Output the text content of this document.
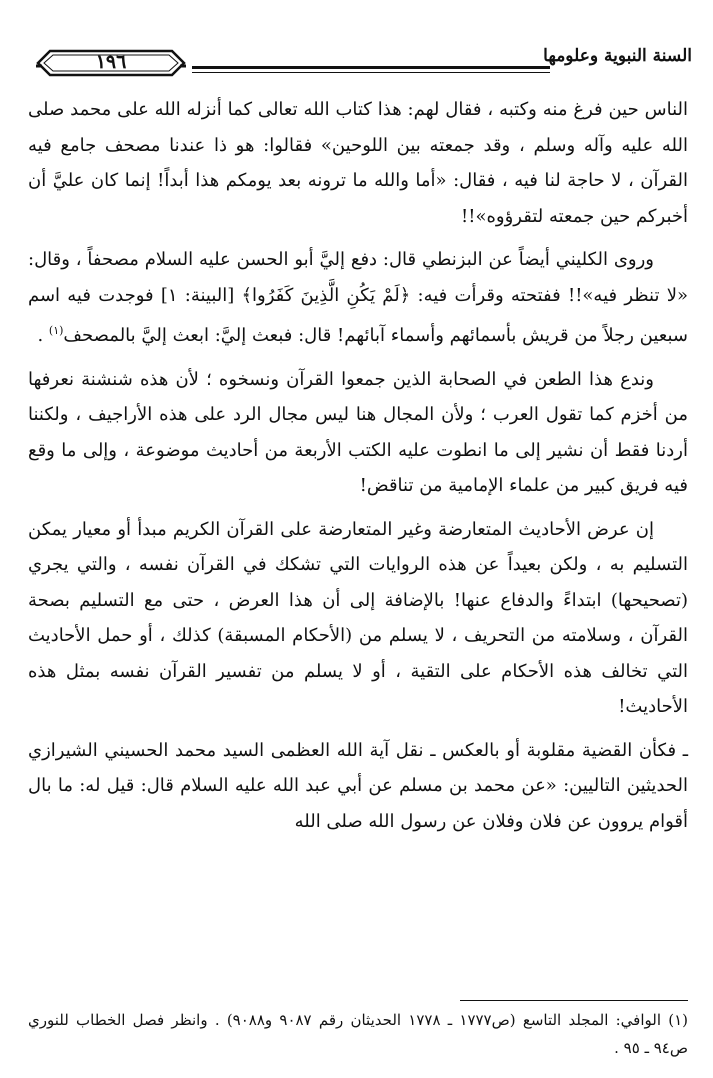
السنة النبوية وعلومها
١٩٦

الناس حين فرغ منه وكتبه ، فقال لهم: هذا كتاب الله تعالى كما أنزله الله على محمد صلى الله عليه وآله وسلم ، وقد جمعته بين اللوحين» فقالوا: هو ذا عندنا مصحف جامع فيه القرآن ، لا حاجة لنا فيه ، فقال: «أما والله ما ترونه بعد يومكم هذا أبداً! إنما كان عليَّ أن أخبركم حين جمعته لتقرؤوه»!!

وروى الكليني أيضاً عن البزنطي قال: دفع إليَّ أبو الحسن عليه السلام مصحفاً ، وقال: «لا تنظر فيه»!! ففتحته وقرأت فيه: ﴿لَمْ يَكُنِ الَّذِينَ كَفَرُوا﴾ [البينة: ١] فوجدت فيه اسم سبعين رجلاً من قريش بأسمائهم وأسماء آبائهم! قال: فبعث إليَّ: ابعث إليَّ بالمصحف$^{(١)}$ .

وندع هذا الطعن في الصحابة الذين جمعوا القرآن ونسخوه ؛ لأن هذه شنشنة نعرفها من أخزم كما تقول العرب ؛ ولأن المجال هنا ليس مجال الرد على هذه الأراجيف ، ولكننا أردنا فقط أن نشير إلى ما انطوت عليه الكتب الأربعة من أحاديث موضوعة ، وإلى ما وقع فيه فريق كبير من علماء الإمامية من تناقض!

إن عرض الأحاديث المتعارضة وغير المتعارضة على القرآن الكريم مبدأ أو معيار يمكن التسليم به ، ولكن بعيداً عن هذه الروايات التي تشكك في القرآن نفسه ، والتي يجري (تصحيحها) ابتداءً والدفاع عنها! بالإضافة إلى أن هذا العرض ، حتى مع التسليم بصحة القرآن ، وسلامته من التحريف ، لا يسلم من (الأحكام المسبقة) كذلك ، أو حمل الأحاديث التي تخالف هذه الأحكام على التقية ، أو لا يسلم من تفسير القرآن نفسه بمثل هذه الأحاديث!

ـ فكأن القضية مقلوبة أو بالعكس ـ نقل آية الله العظمى السيد محمد الحسيني الشيرازي الحديثين التاليين: «عن محمد بن مسلم عن أبي عبد الله عليه السلام قال: قيل له: ما بال أقوام يروون عن فلان وفلان عن رسول الله صلى الله

(١) الوافي: المجلد التاسع (ص١٧٧٧ ـ ١٧٧٨ الحديثان رقم ٩٠٨٧ و٩٠٨٨) . وانظر فصل الخطاب للنوري ص٩٤ ـ ٩٥ .
